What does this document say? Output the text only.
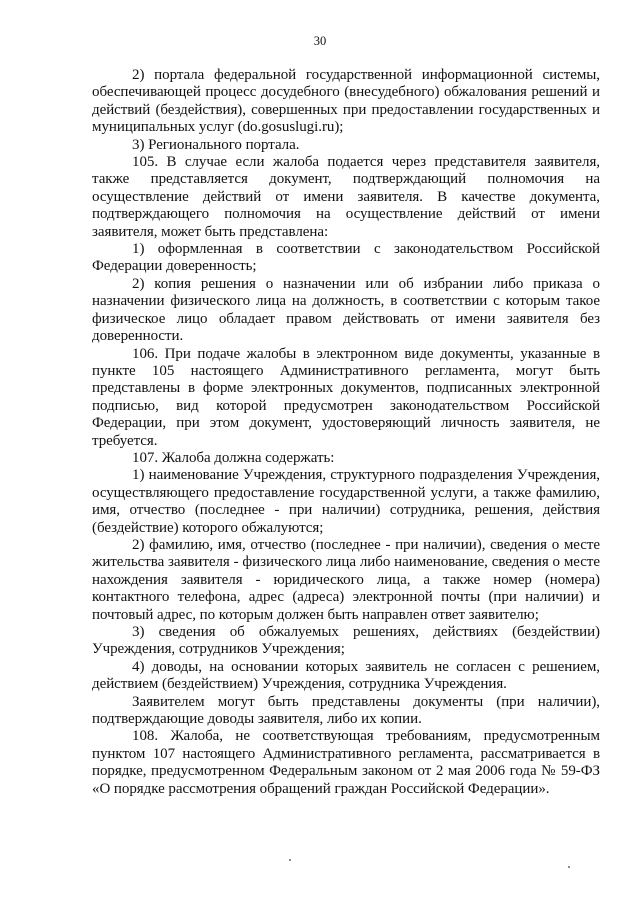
30

2) портала федеральной государственной информационной системы, обеспечивающей процесс досудебного (внесудебного) обжалования решений и действий (бездействия), совершенных при предоставлении государственных и муниципальных услуг (do.gosuslugi.ru);

3) Регионального портала.

105. В случае если жалоба подается через представителя заявителя, также представляется документ, подтверждающий полномочия на осуществление действий от имени заявителя. В качестве документа, подтверждающего полномочия на осуществление действий от имени заявителя, может быть представлена:

1) оформленная в соответствии с законодательством Российской Федерации доверенность;

2) копия решения о назначении или об избрании либо приказа о назначении физического лица на должность, в соответствии с которым такое физическое лицо обладает правом действовать от имени заявителя без доверенности.

106. При подаче жалобы в электронном виде документы, указанные в пункте 105 настоящего Административного регламента, могут быть представлены в форме электронных документов, подписанных электронной подписью, вид которой предусмотрен законодательством Российской Федерации, при этом документ, удостоверяющий личность заявителя, не требуется.

107. Жалоба должна содержать:

1) наименование Учреждения, структурного подразделения Учреждения, осуществляющего предоставление государственной услуги, а также фамилию, имя, отчество (последнее - при наличии) сотрудника, решения, действия (бездействие) которого обжалуются;

2) фамилию, имя, отчество (последнее - при наличии), сведения о месте жительства заявителя - физического лица либо наименование, сведения о месте нахождения заявителя - юридического лица, а также номер (номера) контактного телефона, адрес (адреса) электронной почты (при наличии) и почтовый адрес, по которым должен быть направлен ответ заявителю;

3) сведения об обжалуемых решениях, действиях (бездействии) Учреждения, сотрудников Учреждения;

4) доводы, на основании которых заявитель не согласен с решением, действием (бездействием) Учреждения, сотрудника Учреждения.

Заявителем могут быть представлены документы (при наличии), подтверждающие доводы заявителя, либо их копии.

108. Жалоба, не соответствующая требованиям, предусмотренным пунктом 107 настоящего Административного регламента, рассматривается в порядке, предусмотренном Федеральным законом от 2 мая 2006 года № 59-ФЗ «О порядке рассмотрения обращений граждан Российской Федерации».
